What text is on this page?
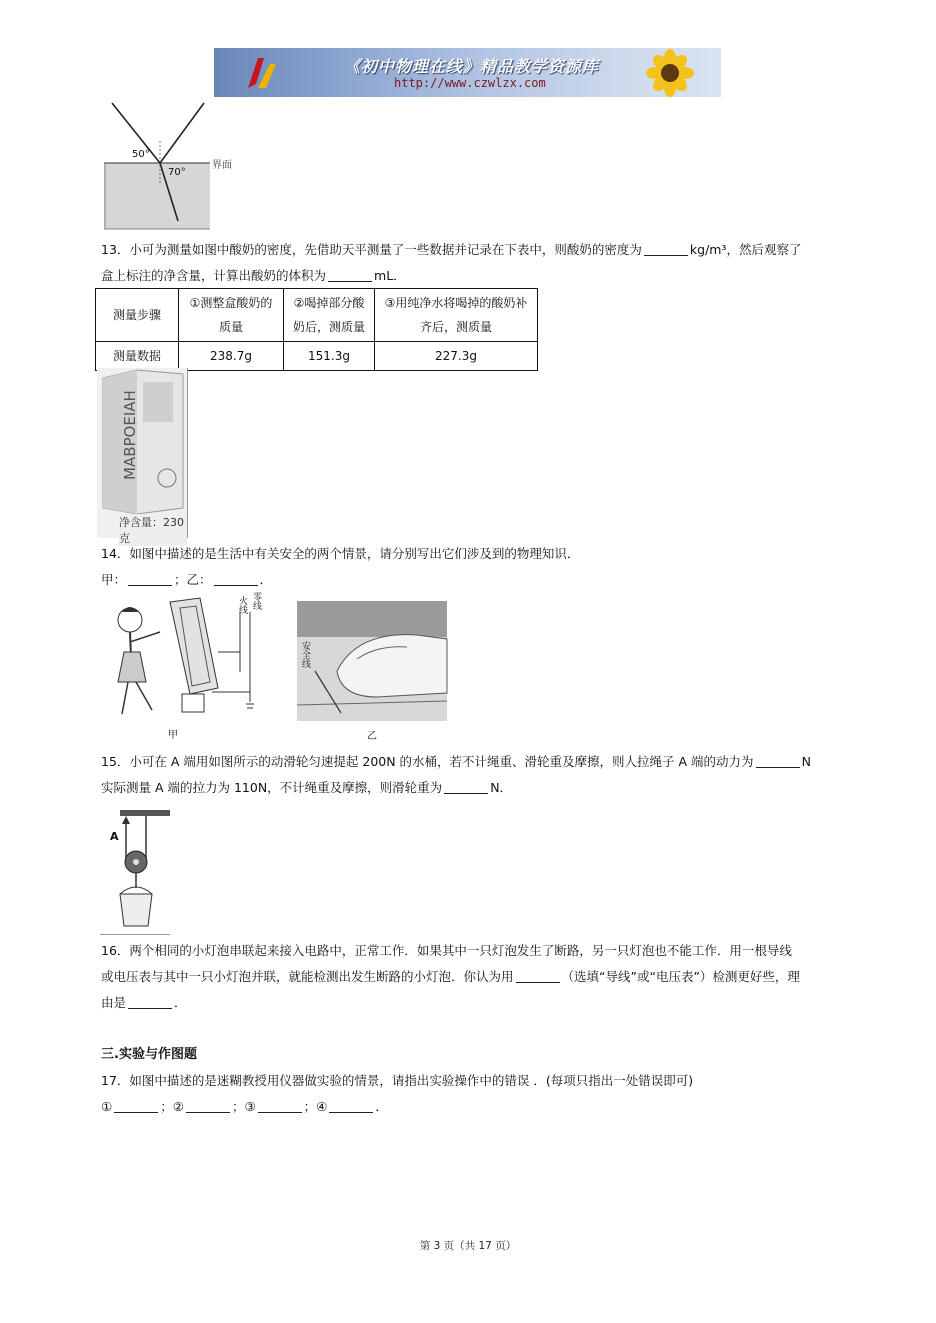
《初中物理在线》精品教学资源库
http://www.czwlzx.com
50°
70°
界面
13．小可为测量如图中酸奶的密度，先借助天平测量了一些数据并记录在下表中，则酸奶的密度为	kg/m³，然后观察了
盒上标注的净含量，计算出酸奶的体积为	mL．
测量步骤	①测整盒酸奶的质量	②喝掉部分酸奶后，测质量	③用纯净水将喝掉的酸奶补齐后，测质量
测量数据	238.7g	151.3g	227.3g
MABPOEIAH
净含量：230克
14．如图中描述的是生活中有关安全的两个情景，请分别写出它们涉及到的物理知识．
甲：	；乙：	．
火线 零线
甲
安全线
乙
15．小可在 A 端用如图所示的动滑轮匀速提起 200N 的水桶，若不计绳重、滑轮重及摩擦，则人拉绳子 A 端的动力为	N
实际测量 A 端的拉力为 110N，不计绳重及摩擦，则滑轮重为	N．
A
16．两个相同的小灯泡串联起来接入电路中，正常工作．如果其中一只灯泡发生了断路，另一只灯泡也不能工作．用一根导线
或电压表与其中一只小灯泡并联，就能检测出发生断路的小灯泡．你认为用	（选填“导线”或“电压表”）检测更好些，理
由是	．
三.实验与作图题
17．如图中描述的是迷糊教授用仪器做实验的情景，请指出实验操作中的错误 ．(每项只指出一处错误即可)
①	；②	；③	；④	．
第 3 页（共 17 页）
